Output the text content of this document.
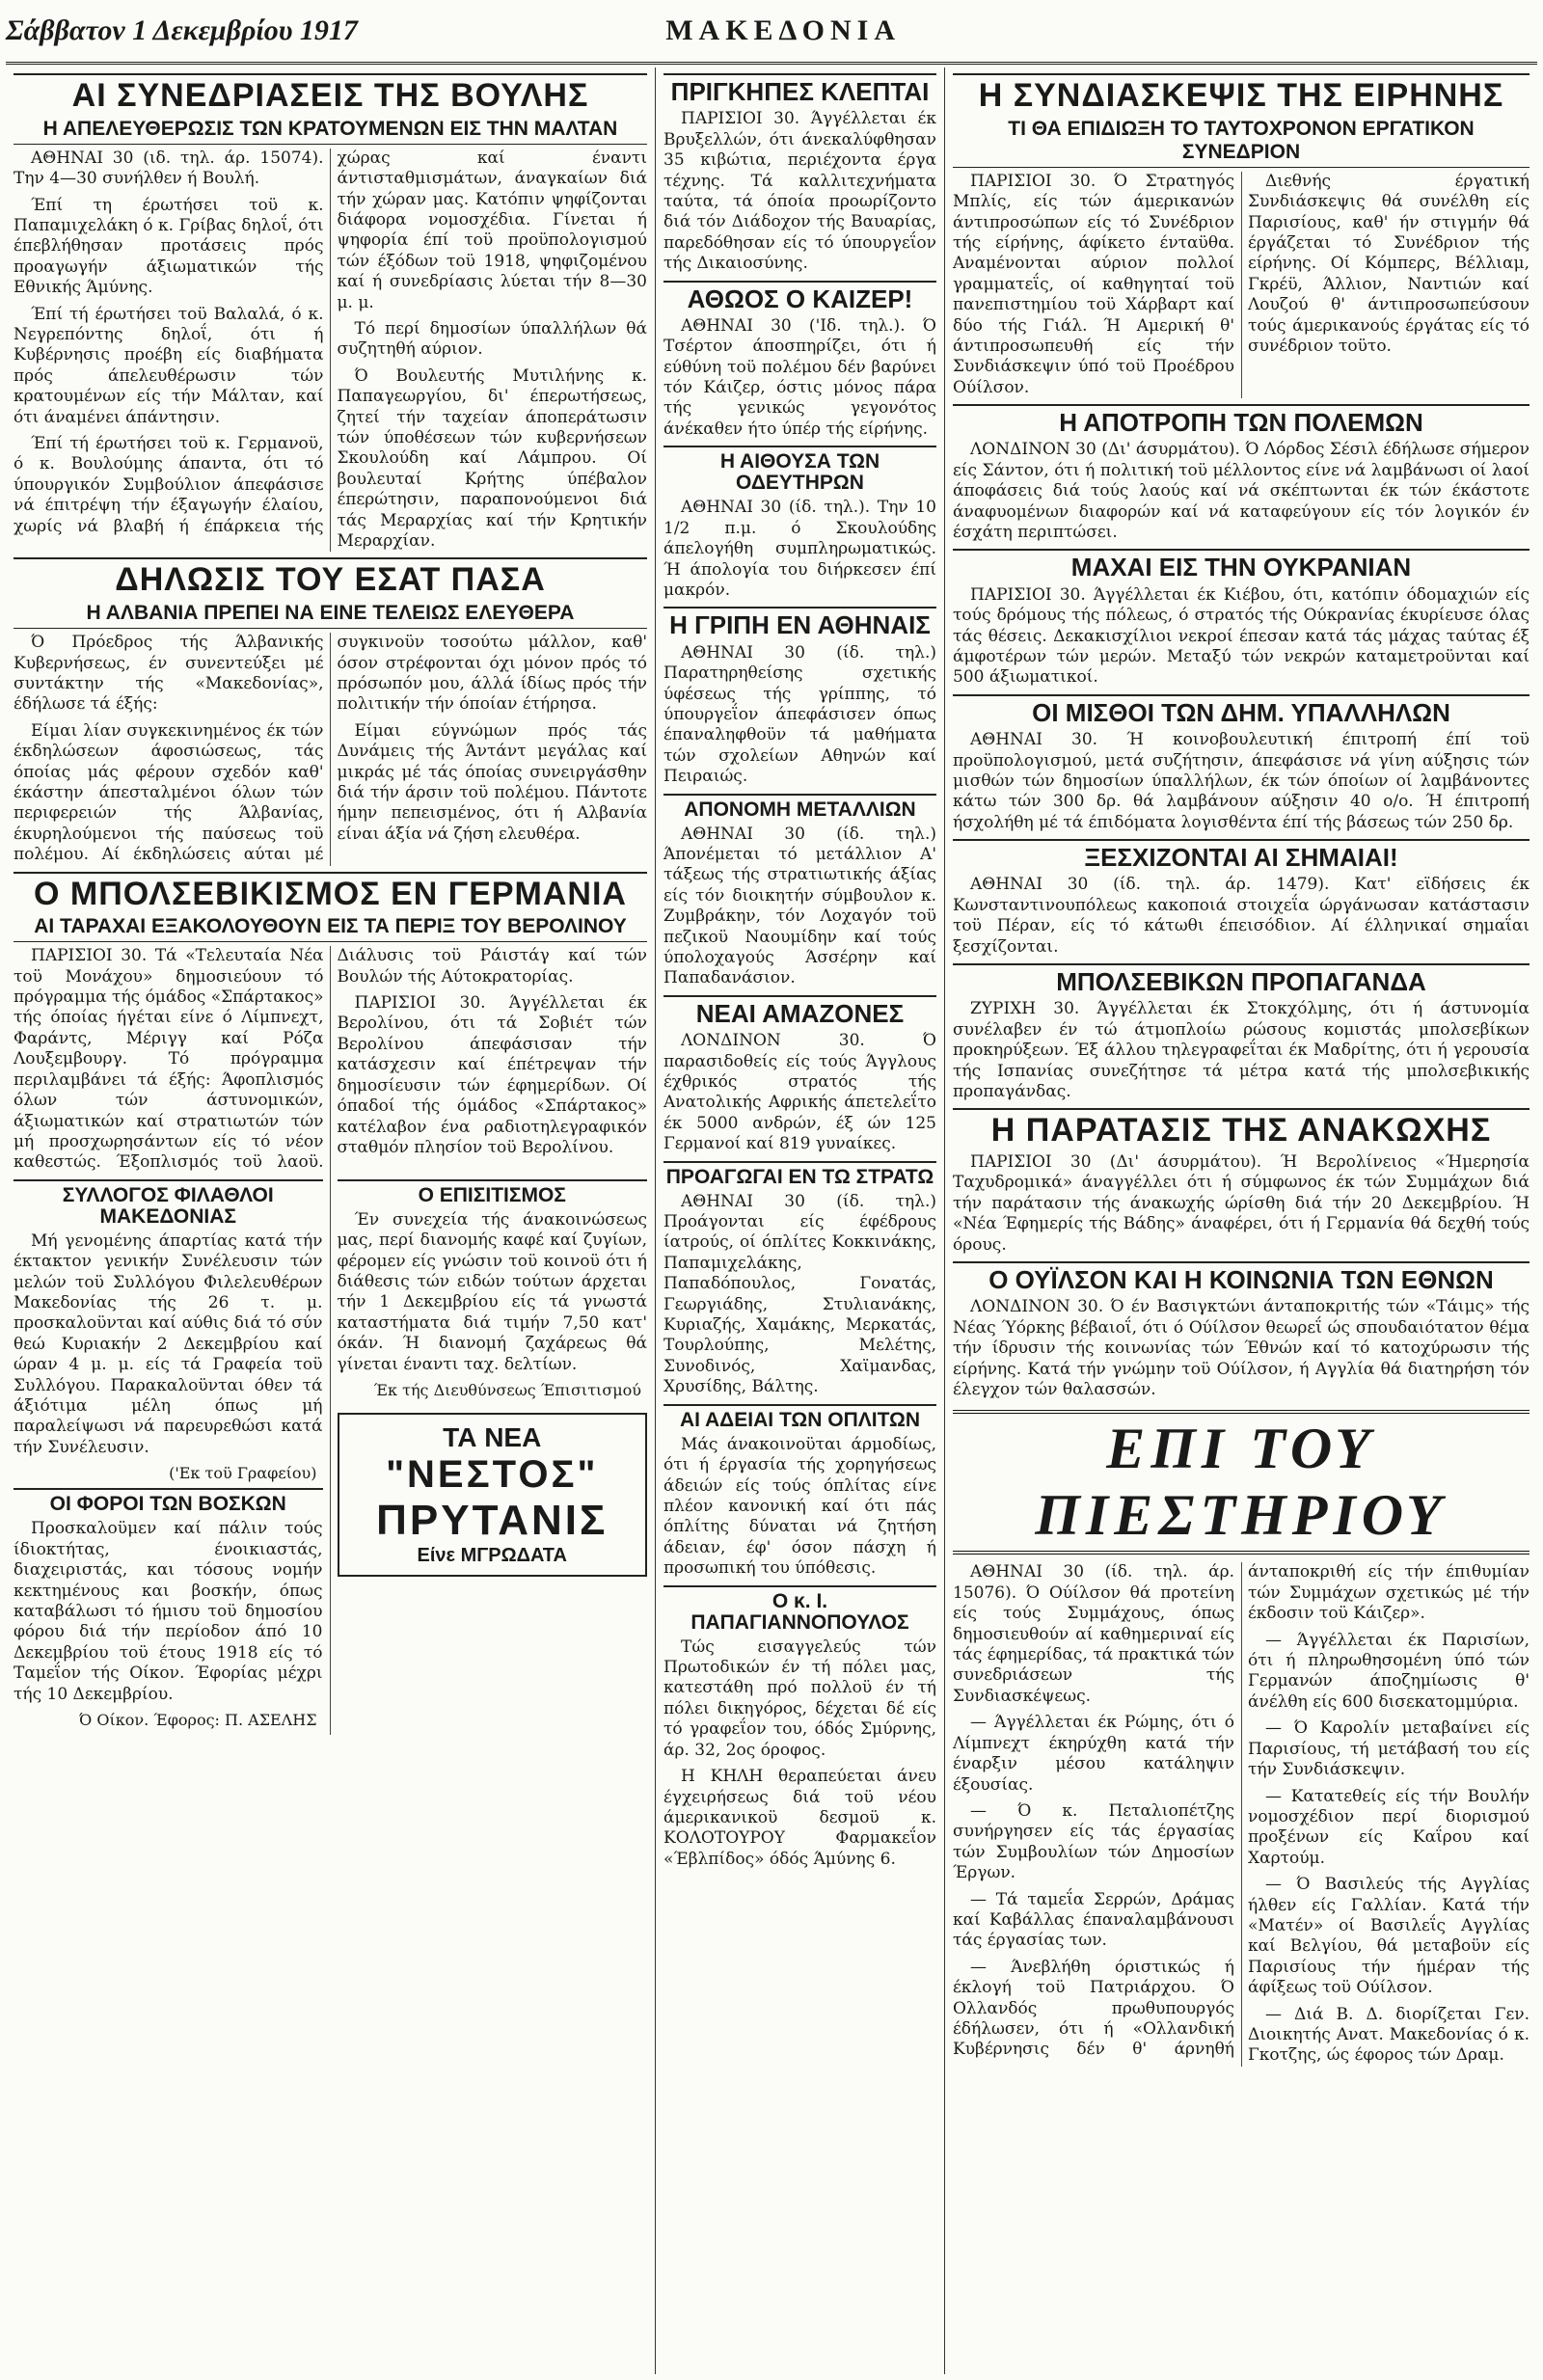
Σάββατον 1 Δεκεμβρίου 1917	ΜΑΚΕΔΟΝΙΑ
ΑΙ ΣΥΝΕΔΡΙΑΣΕΙΣ ΤΗΣ ΒΟΥΛΗΣ
Η ΑΠΕΛΕΥΘΕΡΩΣΙΣ ΤΩΝ ΚΡΑΤΟΥΜΕΝΩΝ ΕΙΣ ΤΗΝ ΜΑΛΤΑΝ

ΑΘΗΝΑΙ 30 (ιδ. τηλ. άρ. 15074). Την 4—30 συνήλθεν ή Βουλή.

Έπί τη έρωτήσει τοϋ κ. Παπαμιχελάκη ό κ. Γρίβας δηλοΐ, ότι έπεβλήθησαν προτάσεις πρός προαγωγήν άξιωματικών τής Εθνικής Άμύνης.

Έπί τή έρωτήσει τοϋ Βαλαλά, ό κ. Νεγρεπόντης δηλοΐ, ότι ή Κυβέρνησις προέβη είς διαβήματα πρός άπελευθέρωσιν τών κρατουμένων είς τήν Μάλταν, καί ότι άναμένει άπάντησιν.

Έπί τή έρωτήσει τοϋ κ. Γερμανοϋ, ό κ. Βουλούμης άπαντα, ότι τό ύπουργικόν Συμβούλιον άπεφάσισε νά έπιτρέψη τήν έξαγωγήν έλαίου, χωρίς νά βλαβή ή έπάρκεια τής χώρας καί έναντι άντισταθμισμάτων, άναγκαίων διά τήν χώραν μας. Κατόπιν ψηφίζονται διάφορα νομοσχέδια. Γίνεται ή ψηφορία έπί τοϋ προϋπολογισμού τών έξόδων τοϋ 1918, ψηφιζομένου καί ή συνεδρίασις λύεται τήν 8—30 μ. μ.

Τό περί δημοσίων ύπαλλήλων θά συζητηθή αύριον.

Ό Βουλευτής Μυτιλήνης κ. Παπαγεωργίου, δι' έπερωτήσεως, ζητεί τήν ταχείαν άποπεράτωσιν τών ύποθέσεων τών κυβερνήσεων Σκουλούδη καί Λάμπρου. Οί βουλευταί Κρήτης ύπέβαλον έπερώτησιν, παραπονούμενοι διά τάς Μεραρχίας καί τήν Κρητικήν Μεραρχίαν.

ΔΗΛΩΣΙΣ ΤΟΥ ΕΣΑΤ ΠΑΣΑ
Η ΑΛΒΑΝΙΑ ΠΡΕΠΕΙ ΝΑ ΕΙΝΕ ΤΕΛΕΙΩΣ ΕΛΕΥΘΕΡΑ

Ό Πρόεδρος τής Άλβανικής Κυβερνήσεως, έν συνεντεύξει μέ συντάκτην τής «Μακεδονίας», έδήλωσε τά έξής:

Είμαι λίαν συγκεκινημένος έκ τών έκδηλώσεων άφοσιώσεως, τάς όποίας μάς φέρουν σχεδόν καθ' έκάστην άπεσταλμένοι όλων τών περιφερειών τής Άλβανίας, έκυρηλούμενοι τής παύσεως τοϋ πολέμου. Αί έκδηλώσεις αύται μέ συγκινοϋν τοσούτω μάλλον, καθ' όσον στρέφονται όχι μόνον πρός τό πρόσωπόν μου, άλλά ίδίως πρός τήν πολιτικήν τήν όποίαν έτήρησα.

Είμαι εύγνώμων πρός τάς Δυνάμεις τής Άντάντ μεγάλας καί μικράς μέ τάς όποίας συνειργάσθην διά τήν άρσιν τοϋ πολέμου. Πάντοτε ήμην πεπεισμένος, ότι ή Αλβανία είναι άξία νά ζήση ελευθέρα.

Ο ΜΠΟΛΣΕΒΙΚΙΣΜΟΣ ΕΝ ΓΕΡΜΑΝΙΑ
ΑΙ ΤΑΡΑΧΑΙ ΕΞΑΚΟΛΟΥΘΟΥΝ ΕΙΣ ΤΑ ΠΕΡΙΞ ΤΟΥ ΒΕΡΟΛΙΝΟΥ

ΠΑΡΙΣΙΟΙ 30. Τά «Τελευταία Νέα τοϋ Μονάχου» δημοσιεύουν τό πρόγραμμα τής όμάδος «Σπάρτακος» τής όποίας ήγέται είνε ό Λίμπνεχτ, Φαράντς, Μέριγγ καί Ρόζα Λουξεμβουργ. Τό πρόγραμμα περιλαμβάνει τά έξής: Άφοπλισμός όλων τών άστυνομικών, άξιωματικών καί στρατιωτών τών μή προσχωρησάντων είς τό νέον καθεστώς. Έξοπλισμός τοϋ λαοϋ. Διάλυσις τοϋ Ράιστάγ καί τών Βουλών τής Αύτοκρατορίας.

ΠΑΡΙΣΙΟΙ 30. Άγγέλλεται έκ Βερολίνου, ότι τά Σοβιέτ τών Βερολίνου άπεφάσισαν τήν κατάσχεσιν καί έπέτρεψαν τήν δημοσίευσιν τών έφημερίδων. Οί όπαδοί τής όμάδος «Σπάρτακος» κατέλαβον ένα ραδιοτηλεγραφικόν σταθμόν πλησίον τοϋ Βερολίνου.

ΣΥΛΛΟΓΟΣ ΦΙΛΑΘΛΟΙ ΜΑΚΕΔΟΝΙΑΣ

Μή γενομένης άπαρτίας κατά τήν έκτακτον γενικήν Συνέλευσιν τών μελών τοϋ Συλλόγου Φιλελευθέρων Μακεδονίας τής 26 τ. μ. προσκαλοϋνται καί αύθις διά τό σύν θεώ Κυριακήν 2 Δεκεμβρίου καί ώραν 4 μ. μ. είς τά Γραφεία τοϋ Συλλόγου. Παρακαλοϋνται όθεν τά άξιότιμα μέλη όπως μή παραλείψωσι νά παρευρεθώσι κατά τήν Συνέλευσιν.

('Εκ τοϋ Γραφείου)
ΟΙ ΦΟΡΟΙ ΤΩΝ ΒΟΣΚΩΝ

Προσκαλοϋμεν καί πάλιν τούς ίδιοκτήτας, ένοικιαστάς, διαχειριστάς, και τόσους νομήν κεκτημένους και βοσκήν, όπως καταβάλωσι τό ήμισυ τοϋ δημοσίου φόρου διά τήν περίοδον άπό 10 Δεκεμβρίου τοϋ έτους 1918 είς τό Ταμεΐον τής Οίκον. Έφορίας μέχρι τής 10 Δεκεμβρίου.

Ό Οίκον. Έφορος: Π. ΑΣΕΛΗΣ
Ο ΕΠΙΣΙΤΙΣΜΟΣ

Έν συνεχεία τής άνακοινώσεως μας, περί διανομής καφέ καί ζυγίων, φέρομεν είς γνώσιν τοϋ κοινοϋ ότι ή διάθεσις τών ειδών τούτων άρχεται τήν 1 Δεκεμβρίου είς τά γνωστά καταστήματα διά τιμήν 7,50 κατ' όκάν. Ή διανομή ζαχάρεως θά γίνεται έναντι ταχ. δελτίων.

Έκ τής Διευθύνσεως Έπισιτισμού
ΤΑ ΝΕΑ
"ΝΕΣΤΟΣ"
ΠΡΥΤΑΝΙΣ
Είνε ΜΓΡΩΔΑΤΑ
ΠΡΙΓΚΗΠΕΣ ΚΛΕΠΤΑΙ

ΠΑΡΙΣΙΟΙ 30. Άγγέλλεται έκ Βρυξελλών, ότι άνεκαλύφθησαν 35 κιβώτια, περιέχοντα έργα τέχνης. Τά καλλιτεχνήματα ταύτα, τά όποία προωρίζοντο διά τόν Διάδοχον τής Βαυαρίας, παρεδόθησαν είς τό ύπουργεΐον τής Δικαιοσύνης.

ΑΘΩΟΣ Ο ΚΑΙΖΕΡ!

ΑΘΗΝΑΙ 30 ('Ιδ. τηλ.). Ό Τσέρτον άποσπηρίζει, ότι ή εύθύνη τοϋ πολέμου δέν βαρύνει τόν Κάιζερ, όστις μόνος πάρα τής γενικώς γεγονότος άνέκαθεν ήτο ύπέρ τής είρήνης.

Η ΑΙΘΟΥΣΑ ΤΩΝ ΟΔΕΥΤΗΡΩΝ

ΑΘΗΝΑΙ 30 (ίδ. τηλ.). Την 10 1/2 π.μ. ό Σκουλούδης άπελογήθη συμπληρωματικώς. Ή άπολογία του διήρκεσεν έπί μακρόν.

Η ΓΡΙΠΗ ΕΝ ΑΘΗΝΑΙΣ

ΑΘΗΝΑΙ 30 (ίδ. τηλ.) Παρατηρηθείσης σχετικής ύφέσεως τής γρίππης, τό ύπουργεΐον άπεφάσισεν όπως έπαναληφθοϋν τά μαθήματα τών σχολείων Αθηνών καί Πειραιώς.

ΑΠΟΝΟΜΗ ΜΕΤΑΛΛΙΩΝ

ΑΘΗΝΑΙ 30 (ίδ. τηλ.) Άπονέμεται τό μετάλλιον Α' τάξεως τής στρατιωτικής άξίας είς τόν διοικητήν σύμβουλον κ. Ζυμβράκην, τόν Λοχαγόν τοϋ πεζικοϋ Ναουμίδην καί τούς ύπολοχαγούς Άσσέρην καί Παπαδανάσιον.

ΝΕΑΙ ΑΜΑΖΟΝΕΣ

ΛΟΝΔΙΝΟΝ 30. Ό παρασιδοθείς είς τούς Άγγλους έχθρικός στρατός τής Ανατολικής Αφρικής άπετελεΐτο έκ 5000 ανδρών, έξ ών 125 Γερμανοί καί 819 γυναίκες.

ΠΡΟΑΓΩΓΑΙ ΕΝ ΤΩ ΣΤΡΑΤΩ

ΑΘΗΝΑΙ 30 (ίδ. τηλ.) Προάγονται είς έφέδρους ίατρούς, οί όπλίτες Κοκκινάκης, Παπαμιχελάκης, Παπαδόπουλος, Γονατάς, Γεωργιάδης, Στυλιανάκης, Κυριαζής, Χαμάκης, Μερκατάς, Τουρλούπης, Μελέτης, Συνοδινός, Χαϊμανδας, Χρυσίδης, Βάλτης.

ΑΙ ΑΔΕΙΑΙ ΤΩΝ ΟΠΛΙΤΩΝ

Μάς άνακοινοϋται άρμοδίως, ότι ή έργασία τής χορηγήσεως άδειών είς τούς όπλίτας είνε πλέον κανονική καί ότι πάς όπλίτης δύναται νά ζητήση άδειαν, έφ' όσον πάσχη ή προσωπική του ύπόθεσις.

Ο κ. Ι. ΠΑΠΑΓΙΑΝΝΟΠΟΥΛΟΣ

Τώς εισαγγελεύς τών Πρωτοδικών έν τή πόλει μας, κατεστάθη πρό πολλοϋ έν τή πόλει δικηγόρος, δέχεται δέ είς τό γραφεΐον του, όδός Σμύρνης, άρ. 32, 2ος όροφος.

Η ΚΗΛΗ θεραπεύεται άνευ έγχειρήσεως διά τοϋ νέου άμερικανικοϋ δεσμοϋ κ. ΚΟΛΟΤΟΥΡΟΥ Φαρμακεΐον «Έβλπίδος» όδός Άμύνης 6.

Η ΣΥΝΔΙΑΣΚΕΨΙΣ ΤΗΣ ΕΙΡΗΝΗΣ
ΤΙ ΘΑ ΕΠΙΔΙΩΞΗ ΤΟ ΤΑΥΤΟΧΡΟΝΟΝ ΕΡΓΑΤΙΚΟΝ ΣΥΝΕΔΡΙΟΝ

ΠΑΡΙΣΙΟΙ 30. Ό Στρατηγός Μπλίς, είς τών άμερικανών άντιπροσώπων είς τό Συνέδριον τής είρήνης, άφίκετο ένταϋθα. Αναμένονται αύριον πολλοί γραμματεΐς, οί καθηγηταί τοϋ πανεπιστημίου τοϋ Χάρβαρτ καί δύο τής Γιάλ. Ή Αμερική θ' άντιπροσωπευθή είς τήν Συνδιάσκεψιν ύπό τοϋ Προέδρου Ούίλσον.

Διεθνής έργατική Συνδιάσκεψις θά συνέλθη είς Παρισίους, καθ' ήν στιγμήν θά έργάζεται τό Συνέδριον τής είρήνης. Οί Κόμπερς, Βέλλιαμ, Γκρέϋ, Άλλιον, Ναντιών καί Λουζού θ' άντιπροσωπεύσουν τούς άμερικανούς έργάτας είς τό συνέδριον τοϋτο.

Η ΑΠΟΤΡΟΠΗ ΤΩΝ ΠΟΛΕΜΩΝ

ΛΟΝΔΙΝΟΝ 30 (Δι' άσυρμάτου). Ό Λόρδος Σέσιλ έδήλωσε σήμερον είς Σάντον, ότι ή πολιτική τοϋ μέλλοντος είνε νά λαμβάνωσι οί λαοί άποφάσεις διά τούς λαούς καί νά σκέπτωνται έκ τών έκάστοτε άναφυομένων διαφορών καί νά καταφεύγουν είς τόν λογικόν έν έσχάτη περιπτώσει.

ΜΑΧΑΙ ΕΙΣ ΤΗΝ ΟΥΚΡΑΝΙΑΝ

ΠΑΡΙΣΙΟΙ 30. Άγγέλλεται έκ Κιέβου, ότι, κατόπιν όδομαχιών είς τούς δρόμους τής πόλεως, ό στρατός τής Ούκρανίας έκυρίευσε όλας τάς θέσεις. Δεκακισχίλιοι νεκροί έπεσαν κατά τάς μάχας ταύτας έξ άμφοτέρων τών μερών. Μεταξύ τών νεκρών καταμετροϋνται καί 500 άξιωματικοί.

ΟΙ ΜΙΣΘΟΙ ΤΩΝ ΔΗΜ. ΥΠΑΛΛΗΛΩΝ

ΑΘΗΝΑΙ 30. Ή κοινοβουλευτική έπιτροπή έπί τοϋ προϋπολογισμού, μετά συζήτησιν, άπεφάσισε νά γίνη αύξησις τών μισθών τών δημοσίων ύπαλλήλων, έκ τών όποίων οί λαμβάνοντες κάτω τών 300 δρ. θά λαμβάνουν αύξησιν 40 ο/ο. Ή έπιτροπή ήσχολήθη μέ τά έπιδόματα λογισθέντα έπί τής βάσεως τών 250 δρ.

ΞΕΣΧΙΖΟΝΤΑΙ ΑΙ ΣΗΜΑΙΑΙ!

ΑΘΗΝΑΙ 30 (ίδ. τηλ. άρ. 1479). Κατ' εϊδήσεις έκ Κωνσταντινουπόλεως κακοποιά στοιχεΐα ώργάνωσαν κατάστασιν τοϋ Πέραν, είς τό κάτωθι έπεισόδιον. Αί έλληνικαί σημαΐαι ξεσχίζονται.

ΜΠΟΛΣΕΒΙΚΩΝ ΠΡΟΠΑΓΑΝΔΑ

ΖΥΡΙΧΗ 30. Άγγέλλεται έκ Στοκχόλμης, ότι ή άστυνομία συνέλαβεν έν τώ άτμοπλοίω ρώσους κομιστάς μπολσεβίκων προκηρύξεων. Έξ άλλου τηλεγραφεΐται έκ Μαδρίτης, ότι ή γερουσία τής Ισπανίας συνεζήτησε τά μέτρα κατά τής μπολσεβικικής προπαγάνδας.

Η ΠΑΡΑΤΑΣΙΣ ΤΗΣ ΑΝΑΚΩΧΗΣ

ΠΑΡΙΣΙΟΙ 30 (Δι' άσυρμάτου). Ή Βερολίνειος «Ήμερησία Ταχυδρομικά» άναγγέλλει ότι ή σύμφωνος έκ τών Συμμάχων διά τήν παράτασιν τής άνακωχής ώρίσθη διά τήν 20 Δεκεμβρίου. Ή «Νέα Έφημερίς τής Βάδης» άναφέρει, ότι ή Γερμανία θά δεχθή τούς όρους.

Ο ΟΥΪΛΣΟΝ ΚΑΙ Η ΚΟΙΝΩΝΙΑ ΤΩΝ ΕΘΝΩΝ

ΛΟΝΔΙΝΟΝ 30. Ό έν Βασιγκτώνι άνταποκριτής τών «Τάιμς» τής Νέας Ύόρκης βέβαιοΐ, ότι ό Ούίλσον θεωρεΐ ώς σπουδαιότατον θέμα τήν ίδρυσιν τής κοινωνίας τών Έθνών καί τό κατοχύρωσιν τής είρήνης. Κατά τήν γνώμην τοϋ Ούίλσον, ή Αγγλία θά διατηρήση τόν έλεγχον τών θαλασσών.

ΕΠΙ ΤΟΥ ΠΙΕΣΤΗΡΙΟΥ

ΑΘΗΝΑΙ 30 (ίδ. τηλ. άρ. 15076). Ό Ούίλσον θά προτείνη είς τούς Συμμάχους, όπως δημοσιευθούν αί καθημεριναί είς τάς έφημερίδας, τά πρακτικά τών συνεδριάσεων τής Συνδιασκέψεως.

— Άγγέλλεται έκ Ρώμης, ότι ό Λίμπνεχτ έκηρύχθη κατά τήν έναρξιν μέσου κατάληψιν έξουσίας.

— Ό κ. Πεταλιοπέτζης συνήργησεν είς τάς έργασίας τών Συμβουλίων τών Δημοσίων Έργων.

— Τά ταμεΐα Σερρών, Δράμας καί Καβάλλας έπαναλαμβάνουσι τάς έργασίας των.

— Άνεβλήθη όριστικώς ή έκλογή τοϋ Πατριάρχου. Ό Ολλανδός πρωθυπουργός έδήλωσεν, ότι ή «Ολλανδική Κυβέρνησις δέν θ' άρνηθή άνταποκριθή είς τήν έπιθυμίαν τών Συμμάχων σχετικώς μέ τήν έκδοσιν τοϋ Κάιζερ».

— Άγγέλλεται έκ Παρισίων, ότι ή πληρωθησομένη ύπό τών Γερμανών άποζημίωσις θ' άνέλθη είς 600 δισεκατομμύρια.

— Ό Καρολίν μεταβαίνει είς Παρισίους, τή μετάβασή του είς τήν Συνδιάσκεψιν.

— Κατατεθείς είς τήν Βουλήν νομοσχέδιον περί διορισμού προξένων είς Καΐρου καί Χαρτούμ.

— Ό Βασιλεύς τής Αγγλίας ήλθεν είς Γαλλίαν. Κατά τήν «Ματέν» οί Βασιλεΐς Αγγλίας καί Βελγίου, θά μεταβοϋν είς Παρισίους τήν ήμέραν τής άφίξεως τοϋ Ούίλσον.

— Διά Β. Δ. διορίζεται Γεν. Διοικητής Ανατ. Μακεδονίας ό κ. Γκοτζης, ώς έφορος τών Δραμ.
